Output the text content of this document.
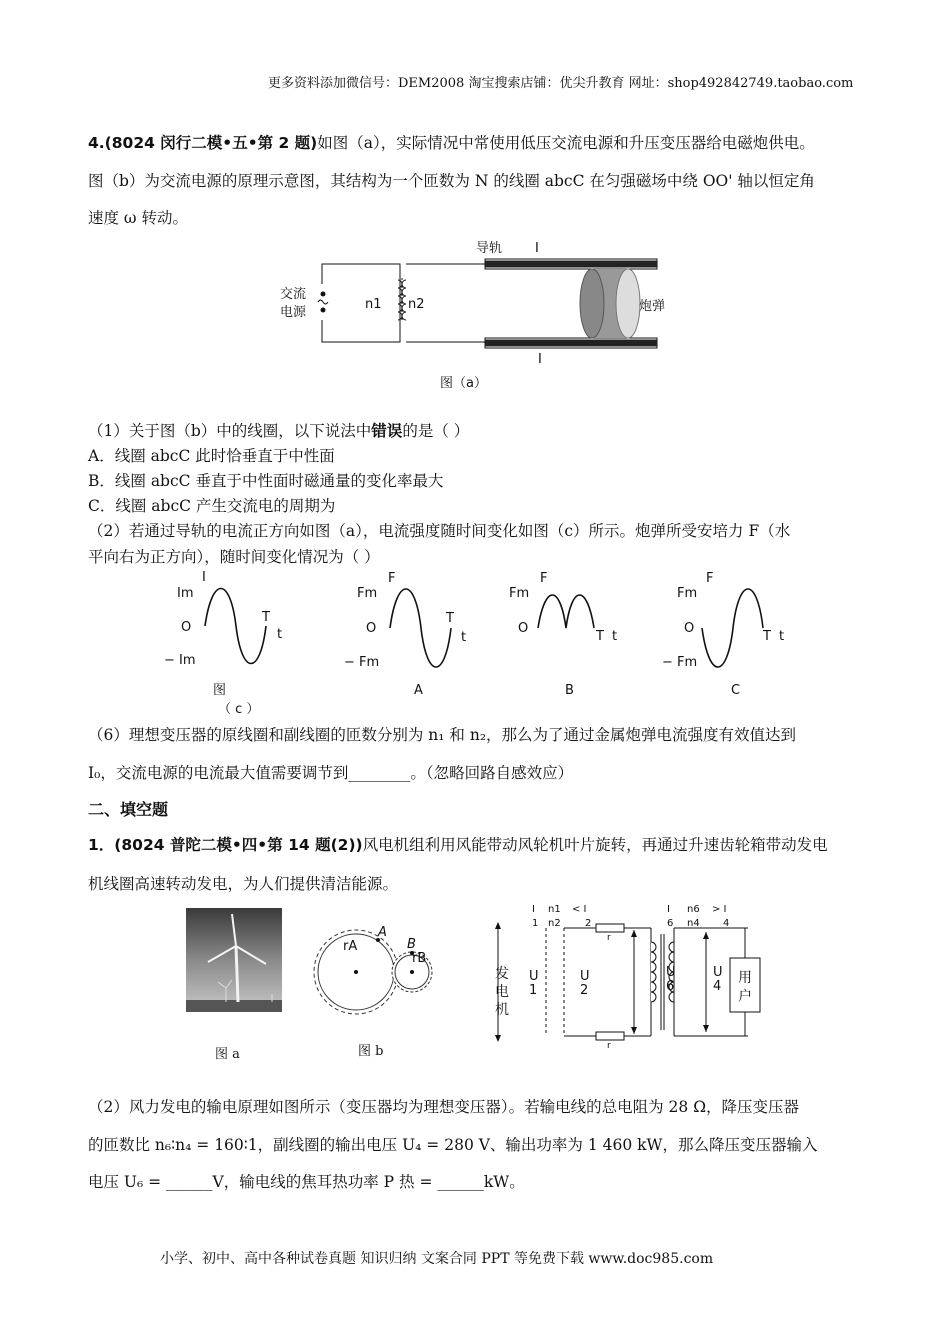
更多资料添加微信号：DEM2008 淘宝搜索店铺：优尖升教育 网址：shop492842749.taobao.com
4.(8024 闵行二模•五•第 2 题)如图（a），实际情况中常使用低压交流电源和升压变压器给电磁炮供电。
图（b）为交流电源的原理示意图，其结构为一个匝数为 N 的线圈 abcC 在匀强磁场中绕 OO' 轴以恒定角
速度 ω 转动。
交流
电源
n1 n2
导轨	I
I
炮弹
图（a）
（1）关于图（b）中的线圈，以下说法中错误的是（ ）
A．线圈 abcC 此时恰垂直于中性面
B．线圈 abcC 垂直于中性面时磁通量的变化率最大
C．线圈 abcC 产生交流电的周期为
（2）若通过导轨的电流正方向如图（a），电流强度随时间变化如图（c）所示。炮弹所受安培力 F（水
平向右为正方向），随时间变化情况为（ ）
I
Im
O
T
t
− Im
图
（ c ）
F
Fm
O
T
t
− Fm
A
F
Fm
O
T t
B
F
Fm
O
T t
− Fm
C
（6）理想变压器的原线圈和副线圈的匝数分别为 n₁ 和 n₂，那么为了通过金属炮弹电流强度有效值达到
I₀，交流电源的电流最大值需要调节到________。（忽略回路自感效应）
二、填空题
1．(8024 普陀二模•四•第 14 题(2))风电机组利用风能带动风轮机叶片旋转，再通过升速齿轮箱带动发电
机线圈高速转动发电，为人们提供清洁能源。
图 a
rA
A
B
rB
图 b
I
1
n1
n2
< I
2
I
6
n6
n4
> I
4
发
电
机
U
1
U
2
r
r
U
6
U
4
用
户
（2）风力发电的输电原理如图所示（变压器均为理想变压器）。若输电线的总电阻为 28 Ω，降压变压器
的匝数比 n₆∶n₄ = 160∶1，副线圈的输出电压 U₄ = 280 V、输出功率为 1 460 kW，那么降压变压器输入
电压 U₆ = ______V，输电线的焦耳热功率 P 热 = ______kW。
小学、初中、高中各种试卷真题 知识归纳 文案合同 PPT 等免费下载 www.doc985.com
